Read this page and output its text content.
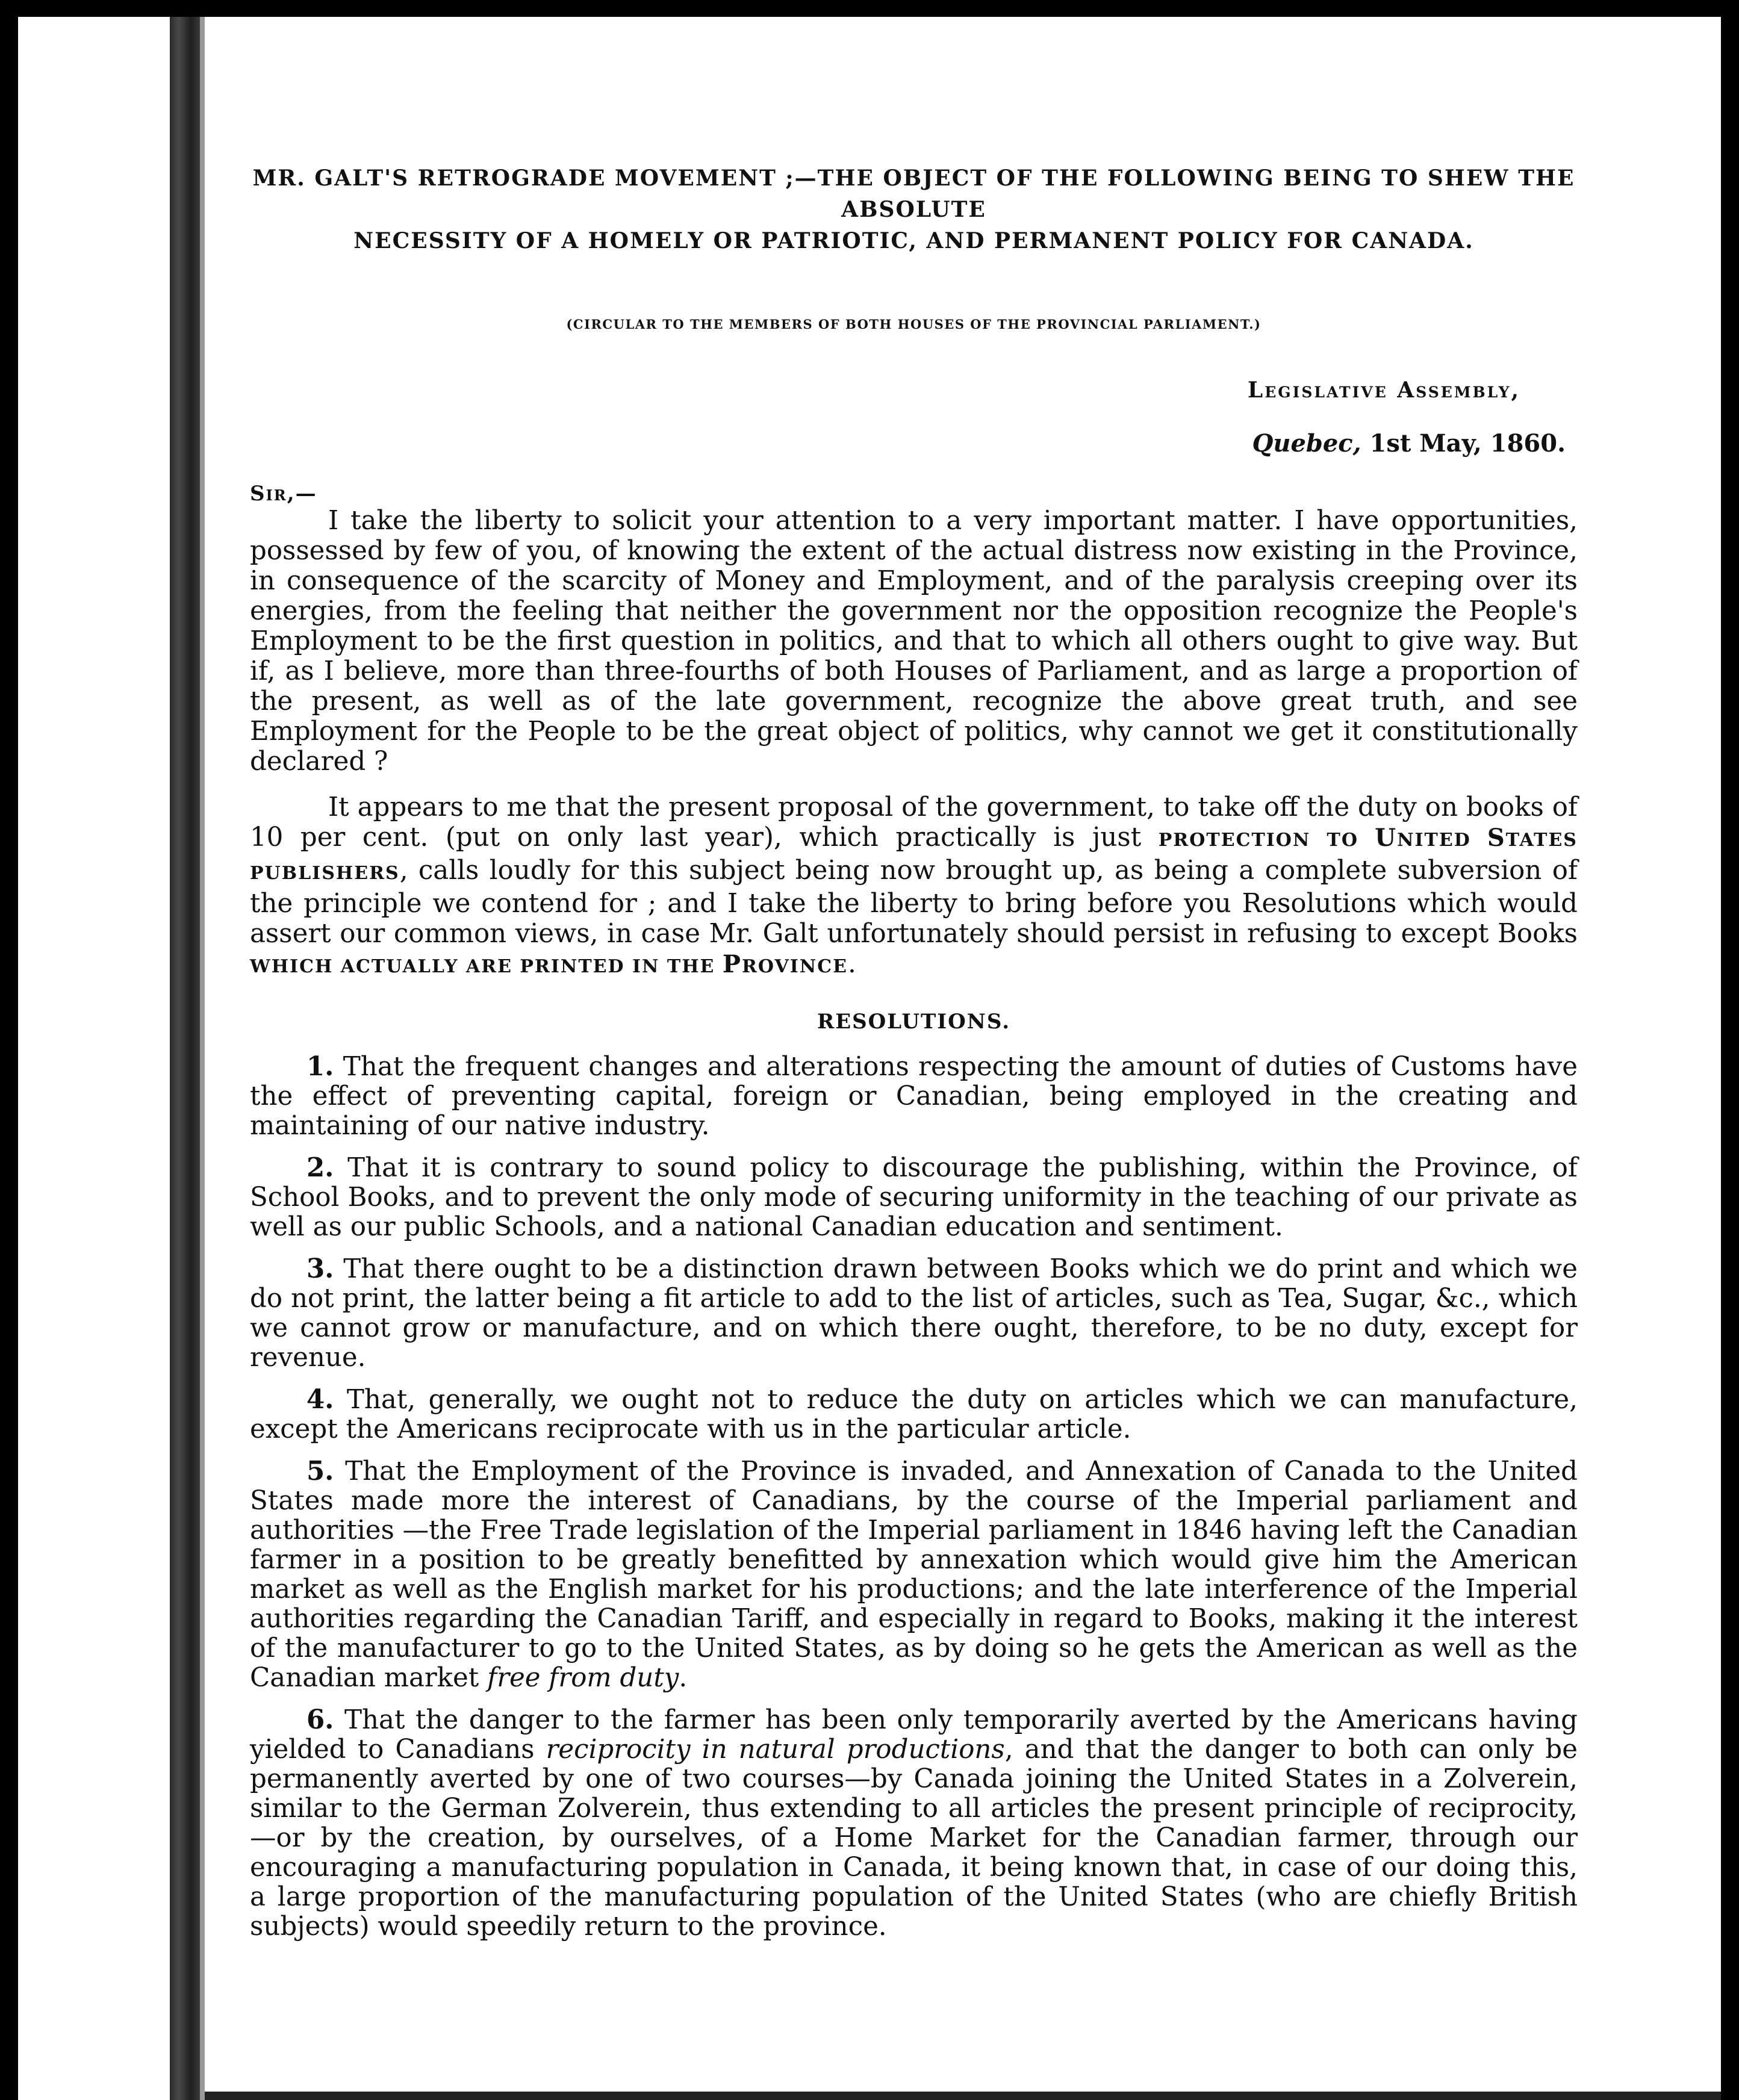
MR. GALT'S RETROGRADE MOVEMENT ;—THE OBJECT OF THE FOLLOWING BEING TO SHEW THE ABSOLUTE
NECESSITY OF A HOMELY OR PATRIOTIC, AND PERMANENT POLICY FOR CANADA.
(CIRCULAR TO THE MEMBERS OF BOTH HOUSES OF THE PROVINCIAL PARLIAMENT.)
Legislative Assembly,
Quebec, 1st May, 1860.
Sir,—

I take the liberty to solicit your attention to a very important matter. I have opportunities, possessed by few of you, of knowing the extent of the actual distress now existing in the Province, in consequence of the scarcity of Money and Employment, and of the paralysis creeping over its energies, from the feeling that neither the government nor the opposition recognize the People's Employment to be the first question in politics, and that to which all others ought to give way. But if, as I believe, more than three-fourths of both Houses of Parliament, and as large a proportion of the present, as well as of the late government, recognize the above great truth, and see Employment for the People to be the great object of politics, why cannot we get it constitutionally declared ?

It appears to me that the present proposal of the government, to take off the duty on books of 10 per cent. (put on only last year), which practically is just PROTECTION TO UNITED STATES PUBLISHERS, calls loudly for this subject being now brought up, as being a complete subversion of the principle we contend for ; and I take the liberty to bring before you Resolutions which would assert our common views, in case Mr. Galt unfortunately should persist in refusing to except Books WHICH ACTUALLY ARE PRINTED IN THE PROVINCE.

RESOLUTIONS.

1. That the frequent changes and alterations respecting the amount of duties of Customs have the effect of preventing capital, foreign or Canadian, being employed in the creating and maintaining of our native industry.

2. That it is contrary to sound policy to discourage the publishing, within the Province, of School Books, and to prevent the only mode of securing uniformity in the teaching of our private as well as our public Schools, and a national Canadian education and sentiment.

3. That there ought to be a distinction drawn between Books which we do print and which we do not print, the latter being a fit article to add to the list of articles, such as Tea, Sugar, &c., which we cannot grow or manufacture, and on which there ought, therefore, to be no duty, except for revenue.

4. That, generally, we ought not to reduce the duty on articles which we can manufacture, except the Americans reciprocate with us in the particular article.

5. That the Employment of the Province is invaded, and Annexation of Canada to the United States made more the interest of Canadians, by the course of the Imperial parliament and authorities —the Free Trade legislation of the Imperial parliament in 1846 having left the Canadian farmer in a position to be greatly benefitted by annexation which would give him the American market as well as the English market for his productions; and the late interference of the Imperial authorities regarding the Canadian Tariff, and especially in regard to Books, making it the interest of the manufacturer to go to the United States, as by doing so he gets the American as well as the Canadian market free from duty.

6. That the danger to the farmer has been only temporarily averted by the Americans having yielded to Canadians reciprocity in natural productions, and that the danger to both can only be permanently averted by one of two courses—by Canada joining the United States in a Zolverein, similar to the German Zolverein, thus extending to all articles the present principle of reciprocity,—or by the creation, by ourselves, of a Home Market for the Canadian farmer, through our encouraging a manufacturing population in Canada, it being known that, in case of our doing this, a large proportion of the manufacturing population of the United States (who are chiefly British subjects) would speedily return to the province.
